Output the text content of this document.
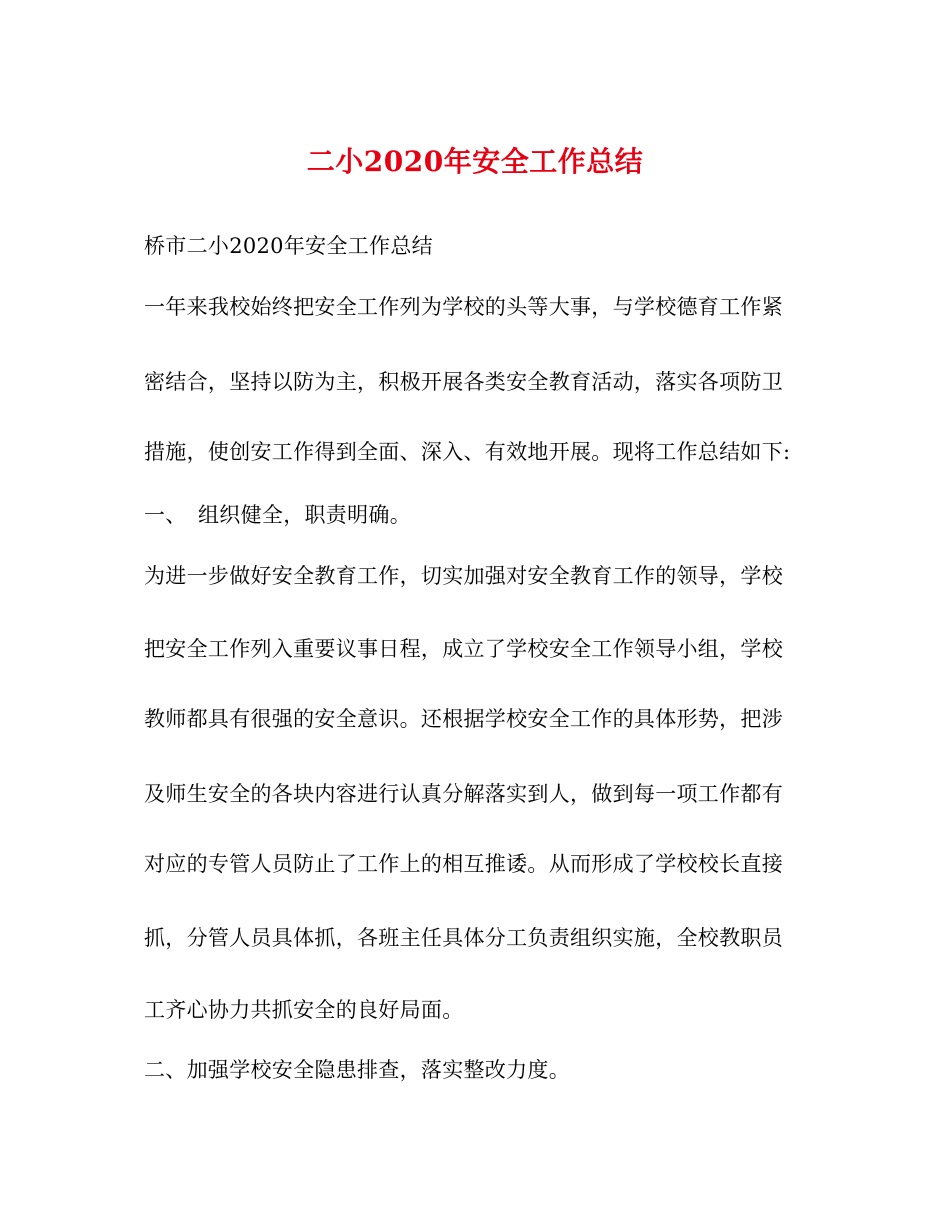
二小2020年安全工作总结
桥市二小2020年安全工作总结
一年来我校始终把安全工作列为学校的头等大事，与学校德育工作紧
密结合，坚持以防为主，积极开展各类安全教育活动，落实各项防卫
措施，使创安工作得到全面、深入、有效地开展。现将工作总结如下:
一、 组织健全，职责明确。
为进一步做好安全教育工作，切实加强对安全教育工作的领导，学校
把安全工作列入重要议事日程，成立了学校安全工作领导小组，学校
教师都具有很强的安全意识。还根据学校安全工作的具体形势，把涉
及师生安全的各块内容进行认真分解落实到人，做到每一项工作都有
对应的专管人员防止了工作上的相互推诿。从而形成了学校校长直接
抓，分管人员具体抓，各班主任具体分工负责组织实施，全校教职员
工齐心协力共抓安全的良好局面。
二、加强学校安全隐患排查，落实整改力度。
